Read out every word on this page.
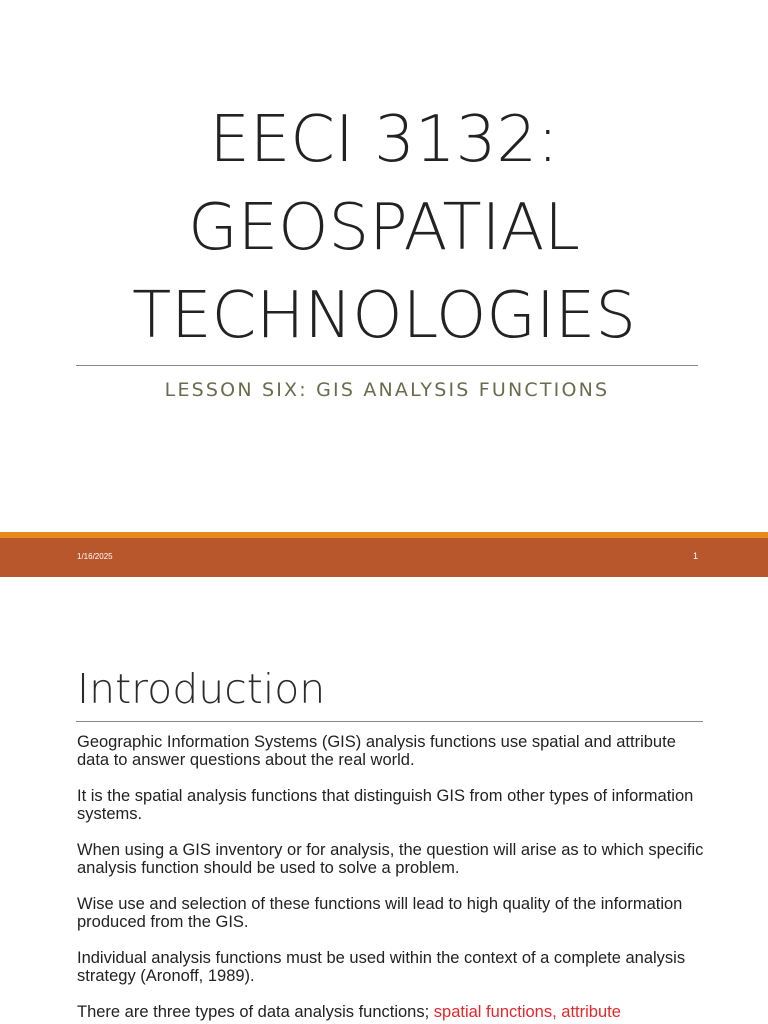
EECI 3132:
GEOSPATIAL
TECHNOLOGIES
LESSON SIX: GIS ANALYSIS FUNCTIONS
1/16/2025	1
Introduction

Geographic Information Systems (GIS) analysis functions use spatial and attribute data to answer questions about the real world.

It is the spatial analysis functions that distinguish GIS from other types of information systems.

When using a GIS inventory or for analysis, the question will arise as to which specific analysis function should be used to solve a problem.

Wise use and selection of these functions will lead to high quality of the information produced from the GIS.

Individual analysis functions must be used within the context of a complete analysis strategy (Aronoff, 1989).

There are three types of data analysis functions; spatial functions, attribute
